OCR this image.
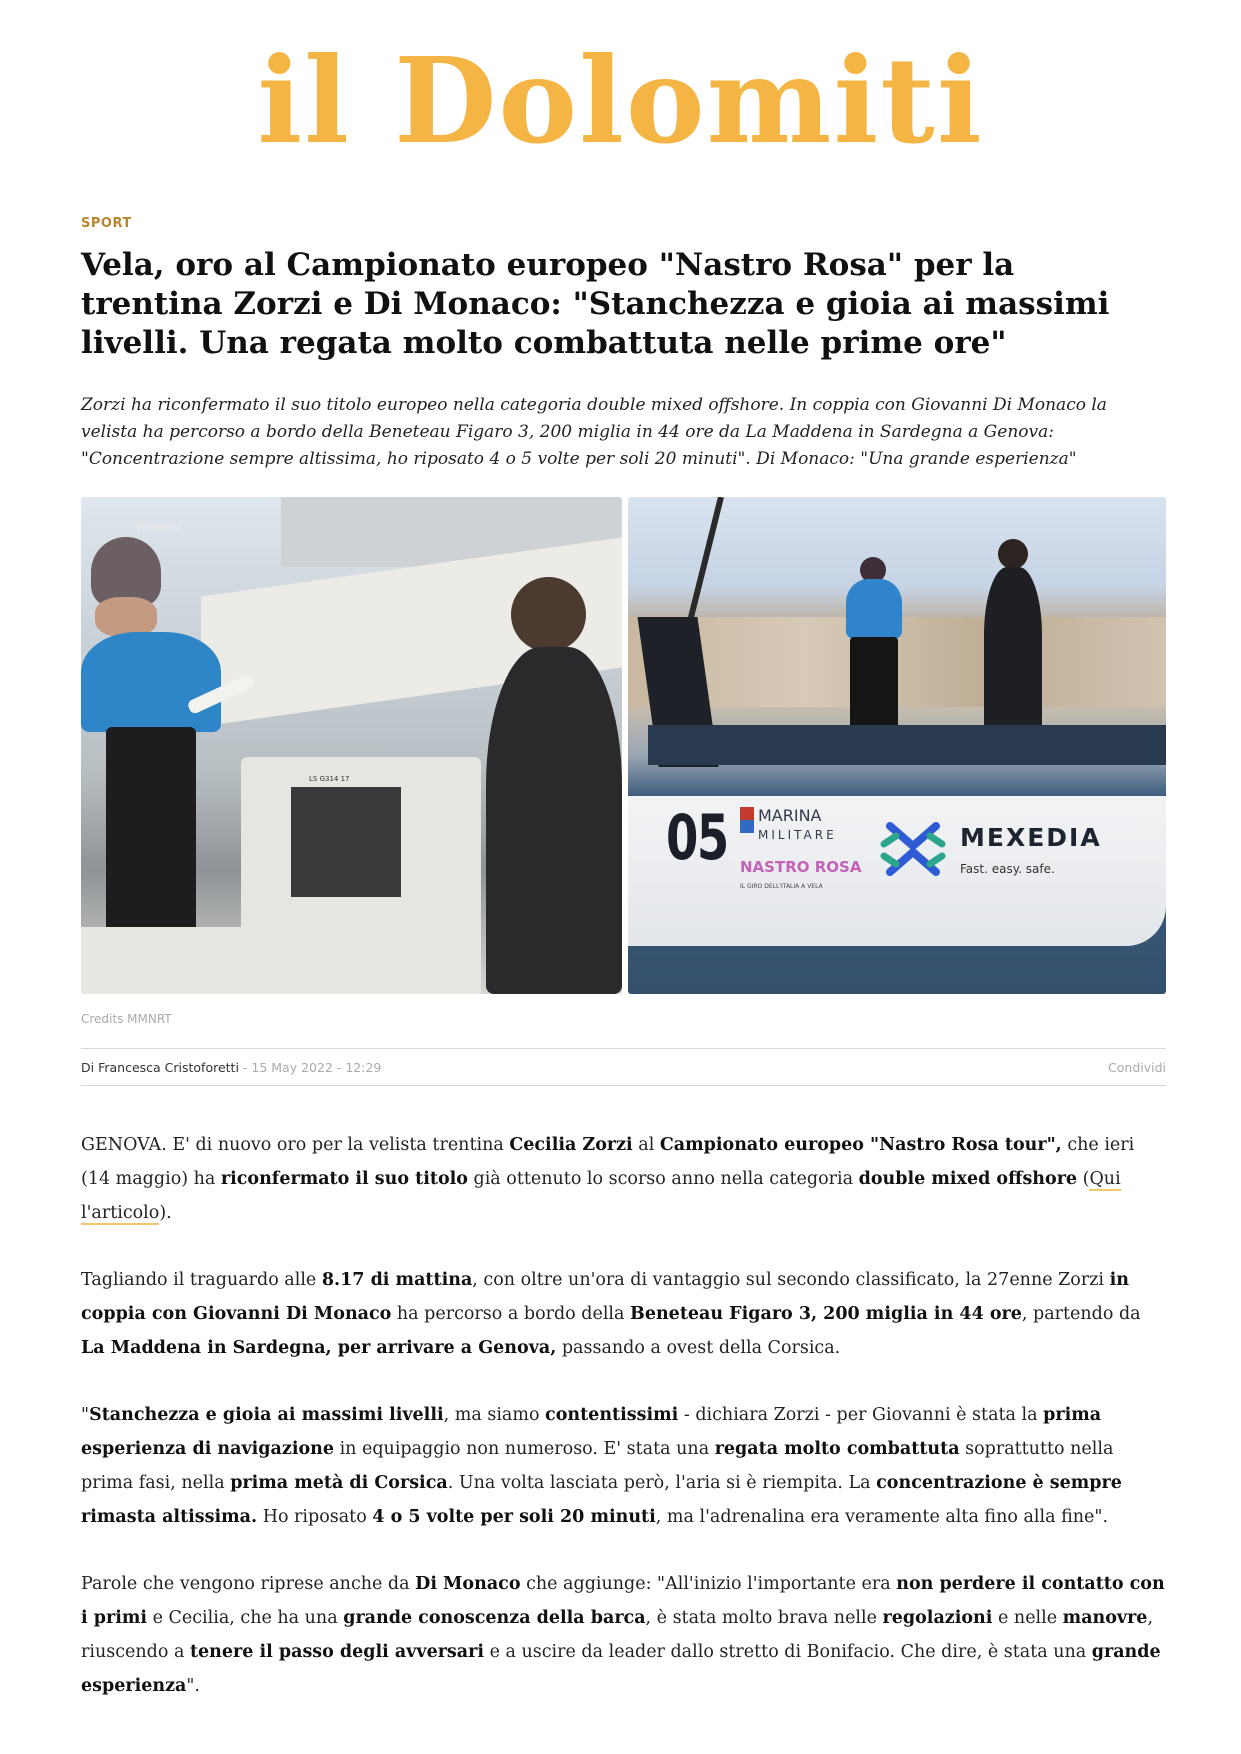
il Dolomiti
SPORT
Vela, oro al Campionato europeo "Nastro Rosa" per la trentina Zorzi e Di Monaco: "Stanchezza e gioia ai massimi livelli. Una regata molto combattuta nelle prime ore"

Zorzi ha riconfermato il suo titolo europeo nella categoria double mixed offshore. In coppia con Giovanni Di Monaco la velista ha percorso a bordo della Beneteau Figaro 3, 200 miglia in 44 ore da La Maddena in Sardegna a Genova: "Concentrazione sempre altissima, ho riposato 4 o 5 volte per soli 20 minuti". Di Monaco: "Una grande esperienza"

LS G314 17
TRENTINO
05	MARINA
MILITARE
NASTRO ROSA
IL GIRO DELL'ITALIA A VELA
MEXEDIA
Fast. easy. safe.
Credits MMNRT
Di Francesca Cristoforetti - 15 May 2022 - 12:29	Condividi

GENOVA. E' di nuovo oro per la velista trentina Cecilia Zorzi al Campionato europeo "Nastro Rosa tour", che ieri (14 maggio) ha riconfermato il suo titolo già ottenuto lo scorso anno nella categoria double mixed offshore (Qui l'articolo).

Tagliando il traguardo alle 8.17 di mattina, con oltre un'ora di vantaggio sul secondo classificato, la 27enne Zorzi in coppia con Giovanni Di Monaco ha percorso a bordo della Beneteau Figaro 3, 200 miglia in 44 ore, partendo da La Maddena in Sardegna, per arrivare a Genova, passando a ovest della Corsica.

"Stanchezza e gioia ai massimi livelli, ma siamo contentissimi - dichiara Zorzi - per Giovanni è stata la prima esperienza di navigazione in equipaggio non numeroso. E' stata una regata molto combattuta soprattutto nella prima fasi, nella prima metà di Corsica. Una volta lasciata però, l'aria si è riempita. La concentrazione è sempre rimasta altissima. Ho riposato 4 o 5 volte per soli 20 minuti, ma l'adrenalina era veramente alta fino alla fine".

Parole che vengono riprese anche da Di Monaco che aggiunge: "All'inizio l'importante era non perdere il contatto con i primi e Cecilia, che ha una grande conoscenza della barca, è stata molto brava nelle regolazioni e nelle manovre, riuscendo a tenere il passo degli avversari e a uscire da leader dallo stretto di Bonifacio. Che dire, è stata una grande esperienza".
